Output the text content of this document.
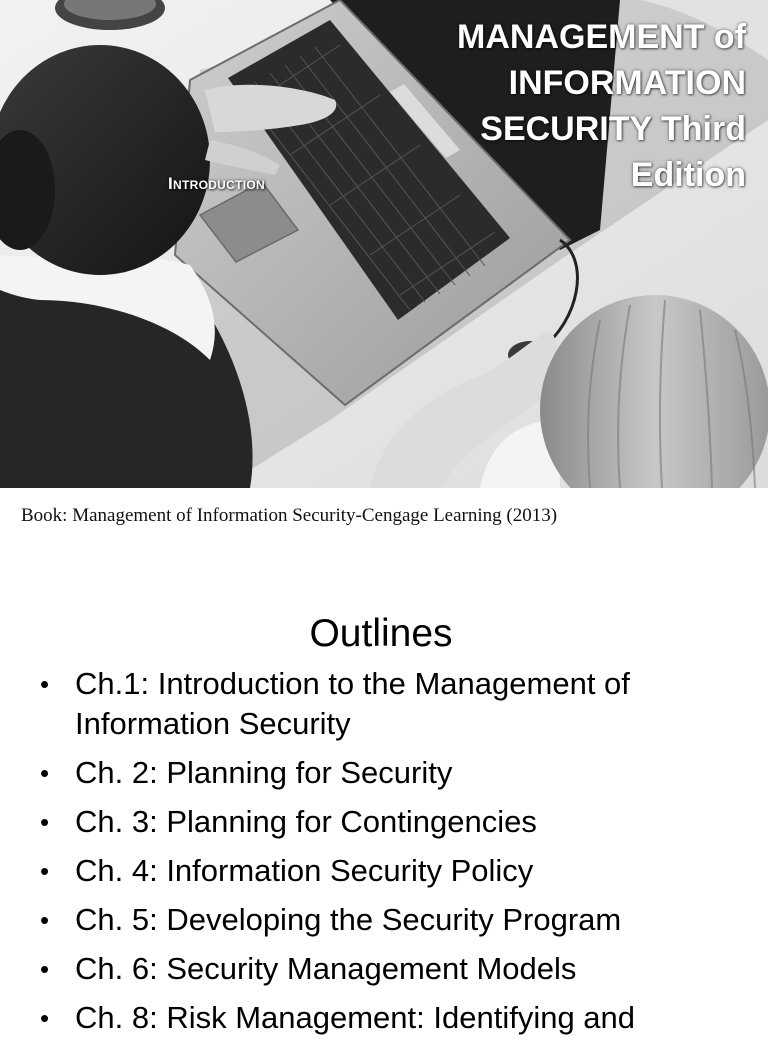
MANAGEMENT of INFORMATION SECURITY Third Edition
Introduction
Book: Management of Information Security-Cengage Learning (2013)
Outlines
• Ch.1: Introduction to the Management of Information Security
• Ch. 2: Planning for Security
• Ch. 3: Planning for Contingencies
• Ch. 4: Information Security Policy
• Ch. 5: Developing the Security Program
• Ch. 6: Security Management Models
• Ch. 8: Risk Management: Identifying and
